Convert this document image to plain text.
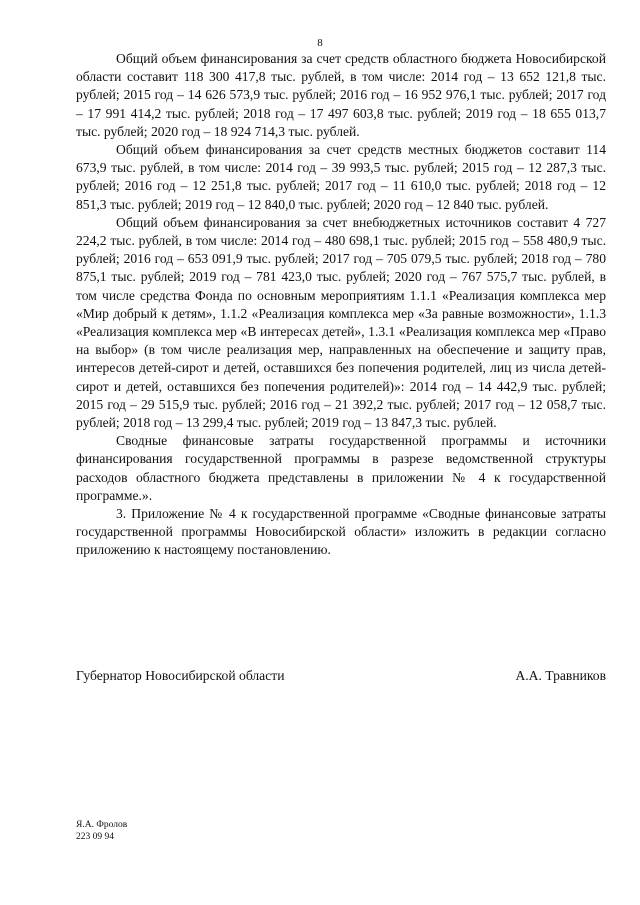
8

Общий объем финансирования за счет средств областного бюджета Новосибирской области составит 118 300 417,8 тыс. рублей, в том числе: 2014 год – 13 652 121,8 тыс. рублей; 2015 год – 14 626 573,9 тыс. рублей; 2016 год – 16 952 976,1 тыс. рублей; 2017 год – 17 991 414,2 тыс. рублей; 2018 год – 17 497 603,8 тыс. рублей; 2019 год – 18 655 013,7 тыс. рублей; 2020 год – 18 924 714,3 тыс. рублей.

Общий объем финансирования за счет средств местных бюджетов составит 114 673,9 тыс. рублей, в том числе: 2014 год – 39 993,5 тыс. рублей; 2015 год – 12 287,3 тыс. рублей; 2016 год – 12 251,8 тыс. рублей; 2017 год – 11 610,0 тыс. рублей; 2018 год – 12 851,3 тыс. рублей; 2019 год – 12 840,0 тыс. рублей; 2020 год – 12 840 тыс. рублей.

Общий объем финансирования за счет внебюджетных источников составит 4 727 224,2 тыс. рублей, в том числе: 2014 год – 480 698,1 тыс. рублей; 2015 год – 558 480,9 тыс. рублей; 2016 год – 653 091,9 тыс. рублей; 2017 год – 705 079,5 тыс. рублей; 2018 год – 780 875,1 тыс. рублей; 2019 год – 781 423,0 тыс. рублей; 2020 год – 767 575,7 тыс. рублей, в том числе средства Фонда по основным мероприятиям 1.1.1 «Реализация комплекса мер «Мир добрый к детям», 1.1.2 «Реализация комплекса мер «За равные возможности», 1.1.3 «Реализация комплекса мер «В интересах детей», 1.3.1 «Реализация комплекса мер «Право на выбор» (в том числе реализация мер, направленных на обеспечение и защиту прав, интересов детей-сирот и детей, оставшихся без попечения родителей, лиц из числа детей-сирот и детей, оставшихся без попечения родителей)»: 2014 год – 14 442,9 тыс. рублей; 2015 год – 29 515,9 тыс. рублей; 2016 год – 21 392,2 тыс. рублей; 2017 год – 12 058,7 тыс. рублей; 2018 год – 13 299,4 тыс. рублей; 2019 год – 13 847,3 тыс. рублей.

Сводные финансовые затраты государственной программы и источники финансирования государственной программы в разрезе ведомственной структуры расходов областного бюджета представлены в приложении № 4 к государственной программе.».

3. Приложение № 4 к государственной программе «Сводные финансовые затраты государственной программы Новосибирской области» изложить в редакции согласно приложению к настоящему постановлению.

Губернатор Новосибирской области	А.А. Травников
Я.А. Фролов
223 09 94
